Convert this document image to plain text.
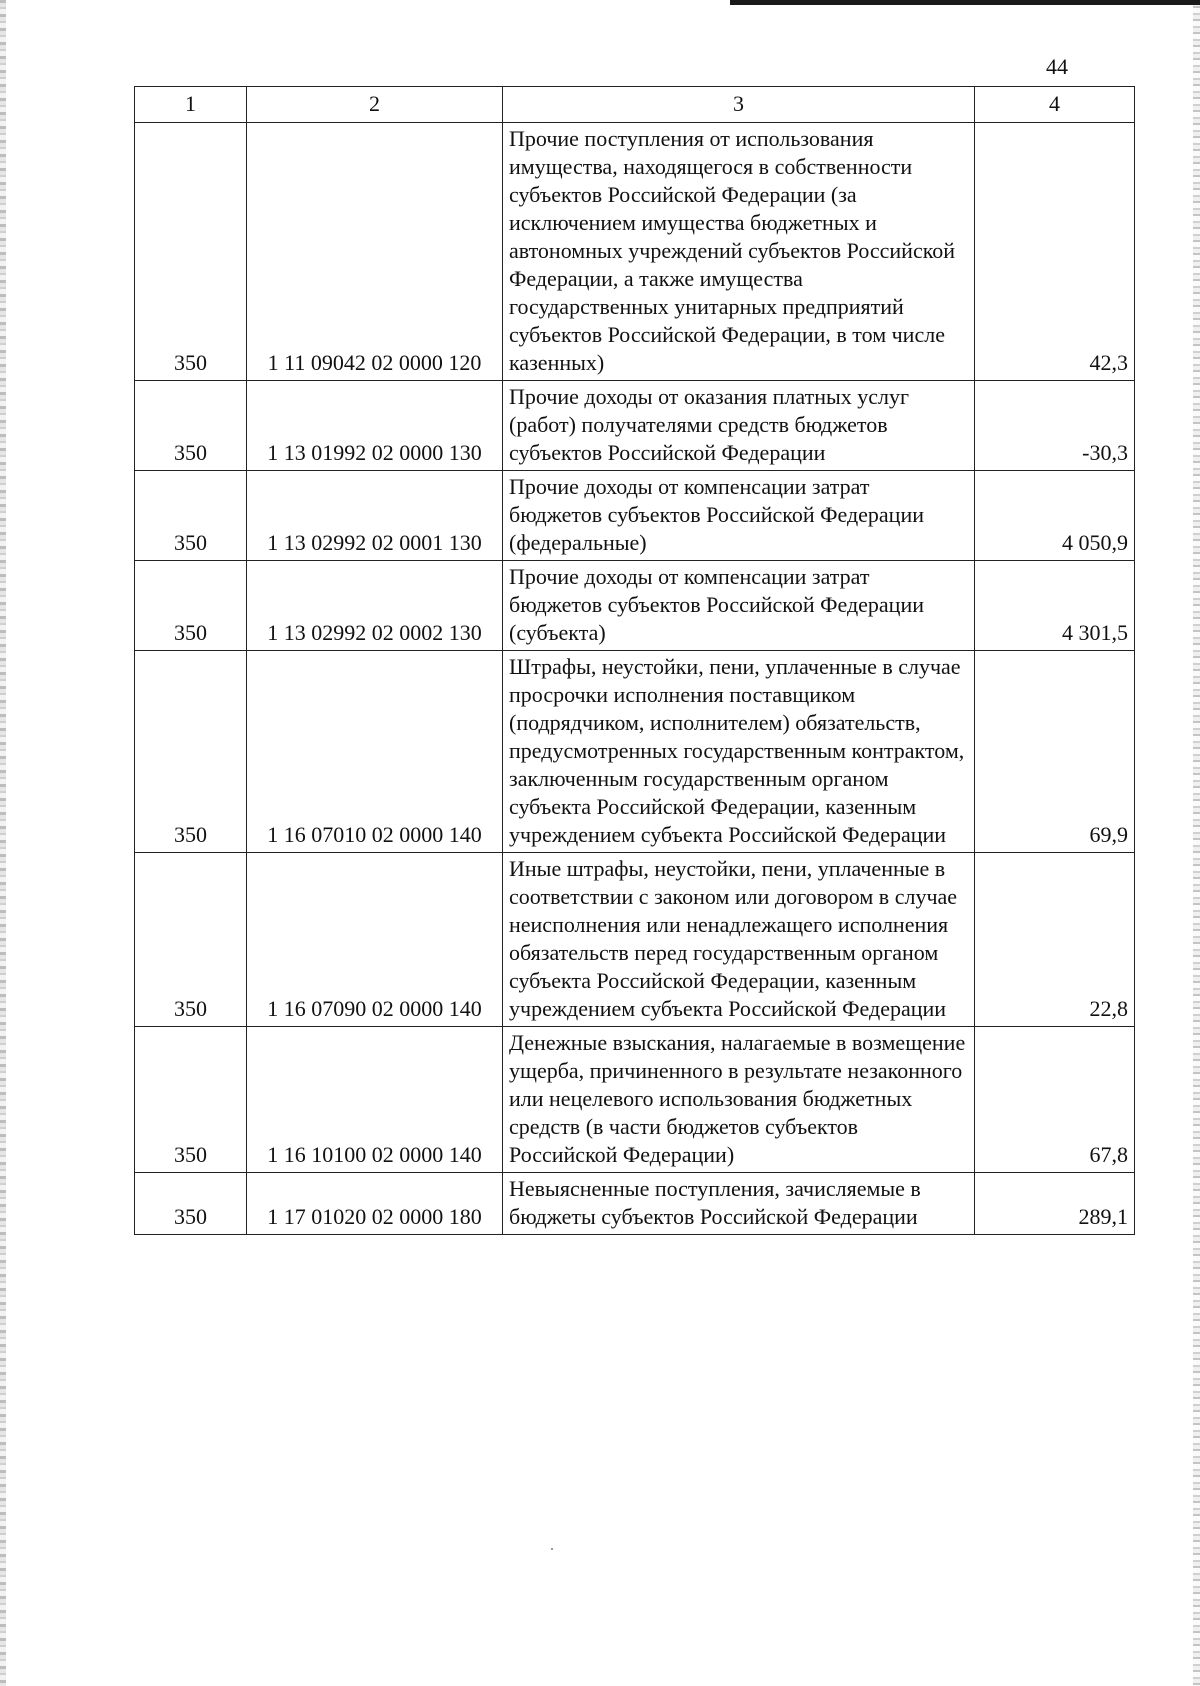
44
1	2	3	4
350	1 11 09042 02 0000 120	Прочие поступления от использования имущества, находящегося в собственности субъектов Российской Федерации (за исключением имущества бюджетных и автономных учреждений субъектов Российской Федерации, а также имущества государственных унитарных предприятий субъектов Российской Федерации, в том числе казенных)	42,3
350	1 13 01992 02 0000 130	Прочие доходы от оказания платных услуг (работ) получателями средств бюджетов субъектов Российской Федерации	-30,3
350	1 13 02992 02 0001 130	Прочие доходы от компенсации затрат бюджетов субъектов Российской Федерации (федеральные)	4 050,9
350	1 13 02992 02 0002 130	Прочие доходы от компенсации затрат бюджетов субъектов Российской Федерации (субъекта)	4 301,5
350	1 16 07010 02 0000 140	Штрафы, неустойки, пени, уплаченные в случае просрочки исполнения поставщиком (подрядчиком, исполнителем) обязательств, предусмотренных государственным контрактом, заключенным государственным органом субъекта Российской Федерации, казенным учреждением субъекта Российской Федерации	69,9
350	1 16 07090 02 0000 140	Иные штрафы, неустойки, пени, уплаченные в соответствии с законом или договором в случае неисполнения или ненадлежащего исполнения обязательств перед государственным органом субъекта Российской Федерации, казенным учреждением субъекта Российской Федерации	22,8
350	1 16 10100 02 0000 140	Денежные взыскания, налагаемые в возмещение ущерба, причиненного в результате незаконного или нецелевого использования бюджетных средств (в части бюджетов субъектов Российской Федерации)	67,8
350	1 17 01020 02 0000 180	Невыясненные поступления, зачисляемые в бюджеты субъектов Российской Федерации	289,1
